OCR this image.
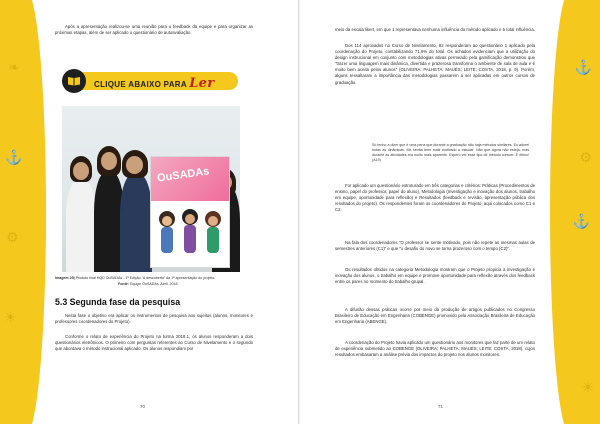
⚓
⚙
☀
❧
Após a apresentação realizou-se uma reunião para o feedback da equipe e para organizar as próximas etapas, além de ser aplicado o questionário de autoavaliação.
CLIQUE ABAIXO PARA Ler
OuSADAs
Imagem 25| Produto final HQD OuSADAs - 1ª Edição "A descoberta" da 1ª apresentação do projeto.
Fonte: Equipe OuSADAs. Abril, 2018.
5.3 Segunda fase da pesquisa
Nesta fase o objetivo era aplicar os instrumentos de pesquisa aos sujeitos (alunos, monitores e professores coordenadores do Projeto).
Conforme o relato de experiência do Projeto na turma 2018.1, os alunos responderam a dois questionários eletrônicos. O primeiro com perguntas referentes ao Curso de Nivelamento e o segundo que abordava o método instrucional aplicado. Os alunos respondiam por
70
⚓
⚙
⚓
☀
meio da escala likert, em que 1 representava nenhuma influência do método aplicado e 5 total influência.
Dos 114 aprovados no Curso de Nivelamento, 82 responderam ao questionário 1 aplicado pela coordenação do Projeto, contabilizando 71,9% do total. Os achados evidenciam que a utilização do design instrucional em conjunto com metodologias ativas permeado pela gamificação demonstrou que "trazer uma linguagem mais dinâmica, divertida e prazerosa transforma o ambiente de sala de aula e é muito bem aceita pelos alunos" (OLIVEIRA; PALHETA; MAUÉS; LEITE; COSTA, 2018, p. 9). Porém, alguns ressaltaram a importância das metodologias passarem a ser aplicadas em outros cursos de graduação.
Só tenho a dizer que é uma pena que durante a graduação não haja métodos similares. Eu adorei todas as dinâmicas. Me sentia bem mais motivado a estudar. Não que agora não esteja, mas durante as atividades era muito mais aparente. Espero ver esse tipo de método crescer. É ótimo! (A19)
For aplicado um questionário estruturado em três categorias e critérios: Práticas (Procedimentos de ensino, papel do professor, papel do aluno), Metodologia (Investigação e inovação dos alunos, trabalho em equipe, oportunidade para reflexão) e Resultados (feedback e revisão, apresentação pública dos resultados do projeto). Os respondentes foram os coordenadores do Projeto, aqui colocados como C1 e C2.
Na fala dos coordenadores "O professor se sente motivado, pois não repete as mesmas aulas de semestres anteriores (C1)" e que "o desafio do novo se torna prazeroso com o tempo (C2)".
Os resultados obtidos na categoria Metodologia mostram que o Projeto propicia a investigação e inovação dos alunos, o trabalho em equipe e promove oportunidade para reflexão através dos feedback entre os pares no momento do trabalho grupal.
A difusão dessas práticas ocorre por meio da produção de artigos publicados no Congresso Brasileiro de Educação em Engenharia (COBENGE) promovido pela Associação Brasileira de Educação em Engenharia (ABENGE).
A coordenação do Projeto havia aplicado um questionário aos monitores que faz parte de um relato de experiência submetido ao COBENGE (OLIVEIRA; PALHETA; MAUÉS; LEITE; COSTA, 2018), cujos resultados embasaram a análise prévia dos impactos do projeto nos alunos monitores.
71
